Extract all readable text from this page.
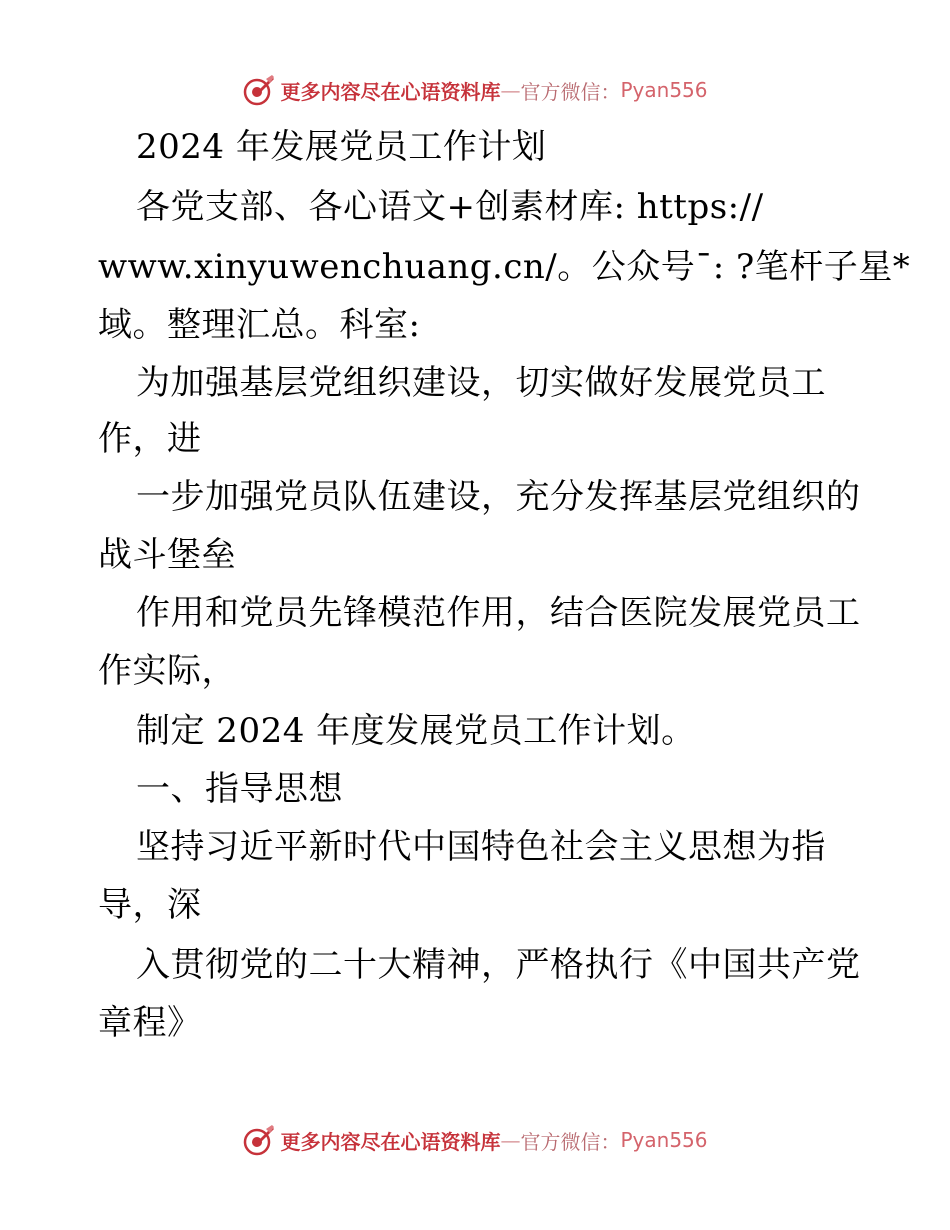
更多内容尽在心语资料库 — 官方微信： Pyan556
2024 年发展党员工作计划
各党支部、各心语文+创素材库: https://
www.xinyuwenchuang.cn/。公众号¯: ?笔杆子星*
域。整理汇总。科室:
为加强基层党组织建设，切实做好发展党员工
作，进
一步加强党员队伍建设，充分发挥基层党组织的
战斗堡垒
作用和党员先锋模范作用，结合医院发展党员工
作实际，
制定 2024 年度发展党员工作计划。
一、指导思想
坚持习近平新时代中国特色社会主义思想为指
导，深
入贯彻党的二十大精神，严格执行《中国共产党
章程》
更多内容尽在心语资料库 — 官方微信： Pyan556
